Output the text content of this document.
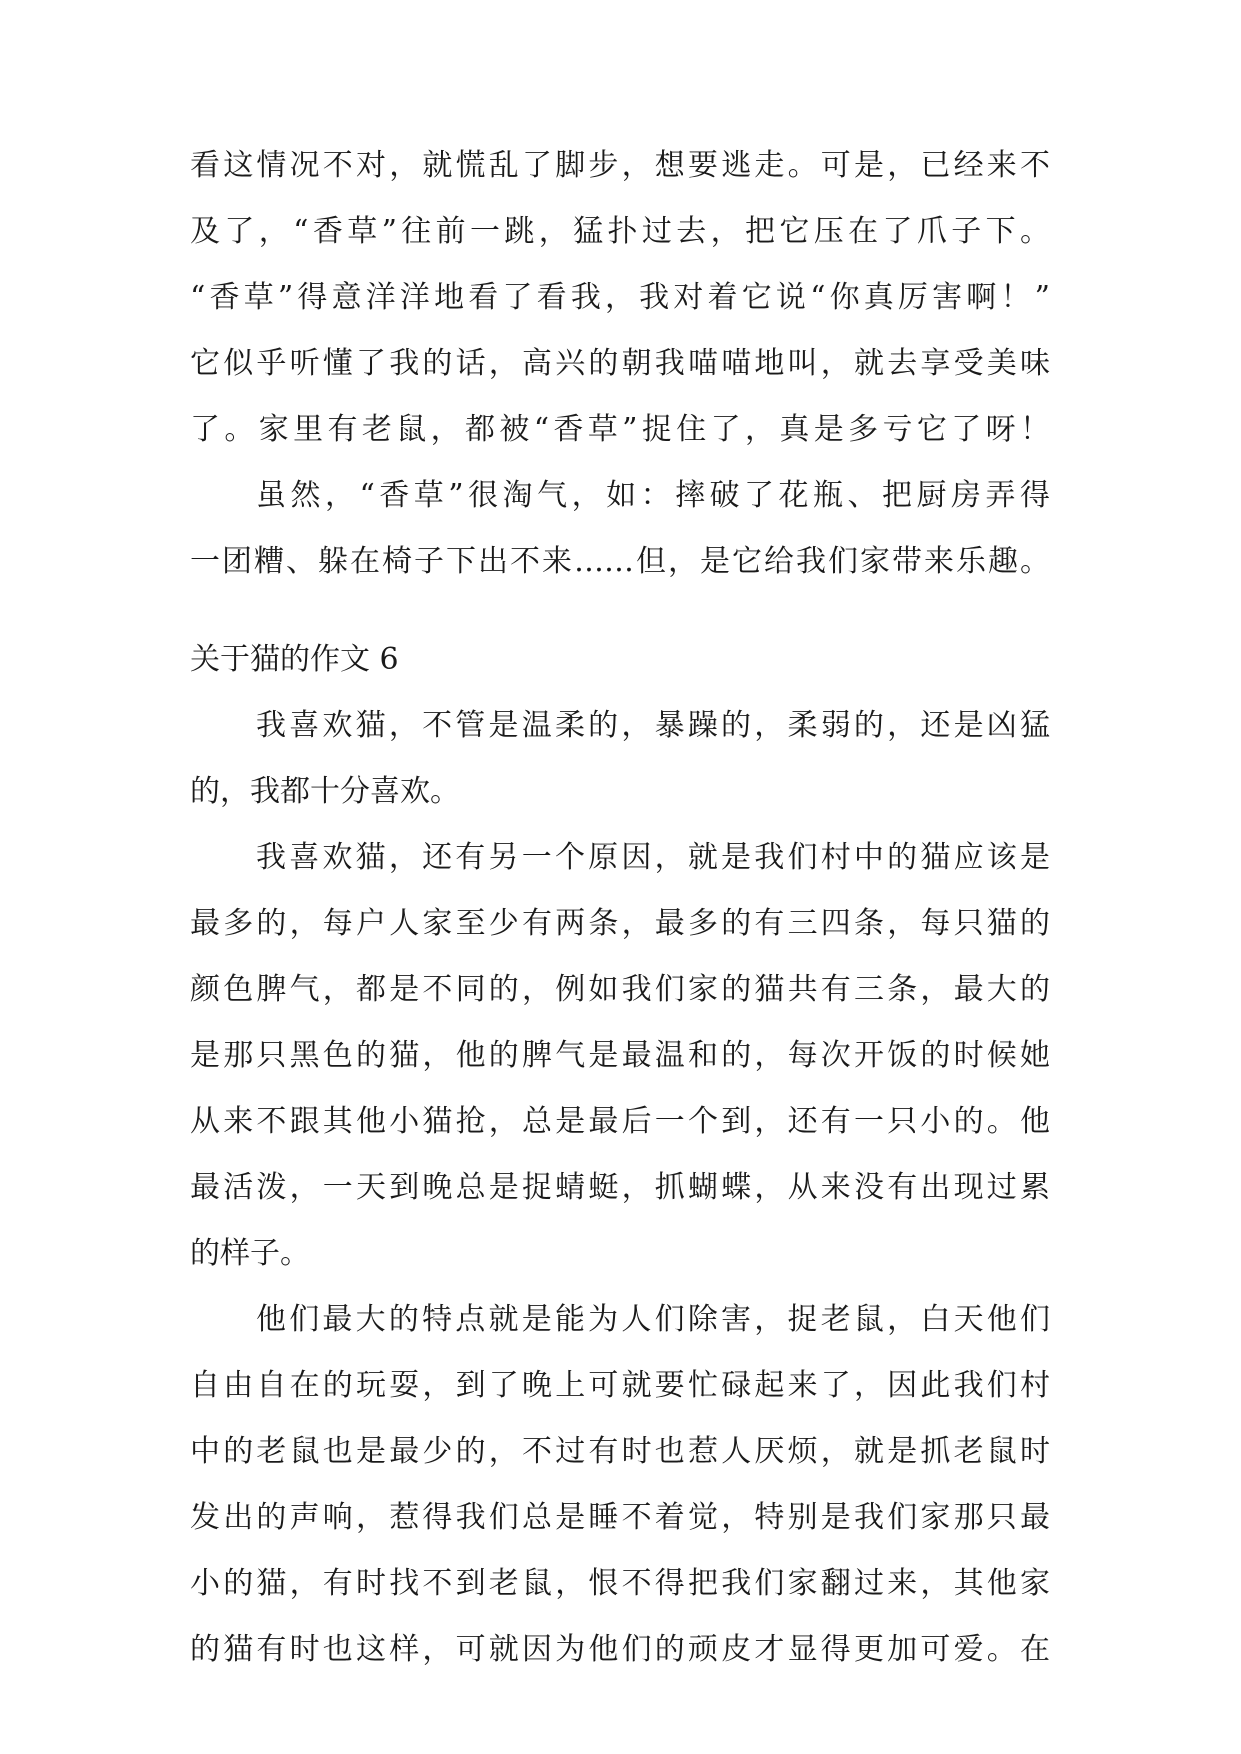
看这情况不对，就慌乱了脚步，想要逃走。可是，已经来不
及了，“香草”往前一跳，猛扑过去，把它压在了爪子下。
“香草”得意洋洋地看了看我，我对着它说“你真厉害啊！”
它似乎听懂了我的话，高兴的朝我喵喵地叫，就去享受美味
了。家里有老鼠，都被“香草”捉住了，真是多亏它了呀！
虽然，“香草”很淘气，如：摔破了花瓶、把厨房弄得
一团糟、躲在椅子下出不来……但，是它给我们家带来乐趣。
关于猫的作文 6
我喜欢猫，不管是温柔的，暴躁的，柔弱的，还是凶猛
的，我都十分喜欢。
我喜欢猫，还有另一个原因，就是我们村中的猫应该是
最多的，每户人家至少有两条，最多的有三四条，每只猫的
颜色脾气，都是不同的，例如我们家的猫共有三条，最大的
是那只黑色的猫，他的脾气是最温和的，每次开饭的时候她
从来不跟其他小猫抢，总是最后一个到，还有一只小的。他
最活泼，一天到晚总是捉蜻蜓，抓蝴蝶，从来没有出现过累
的样子。
他们最大的特点就是能为人们除害，捉老鼠，白天他们
自由自在的玩耍，到了晚上可就要忙碌起来了，因此我们村
中的老鼠也是最少的，不过有时也惹人厌烦，就是抓老鼠时
发出的声响，惹得我们总是睡不着觉，特别是我们家那只最
小的猫，有时找不到老鼠，恨不得把我们家翻过来，其他家
的猫有时也这样，可就因为他们的顽皮才显得更加可爱。在
